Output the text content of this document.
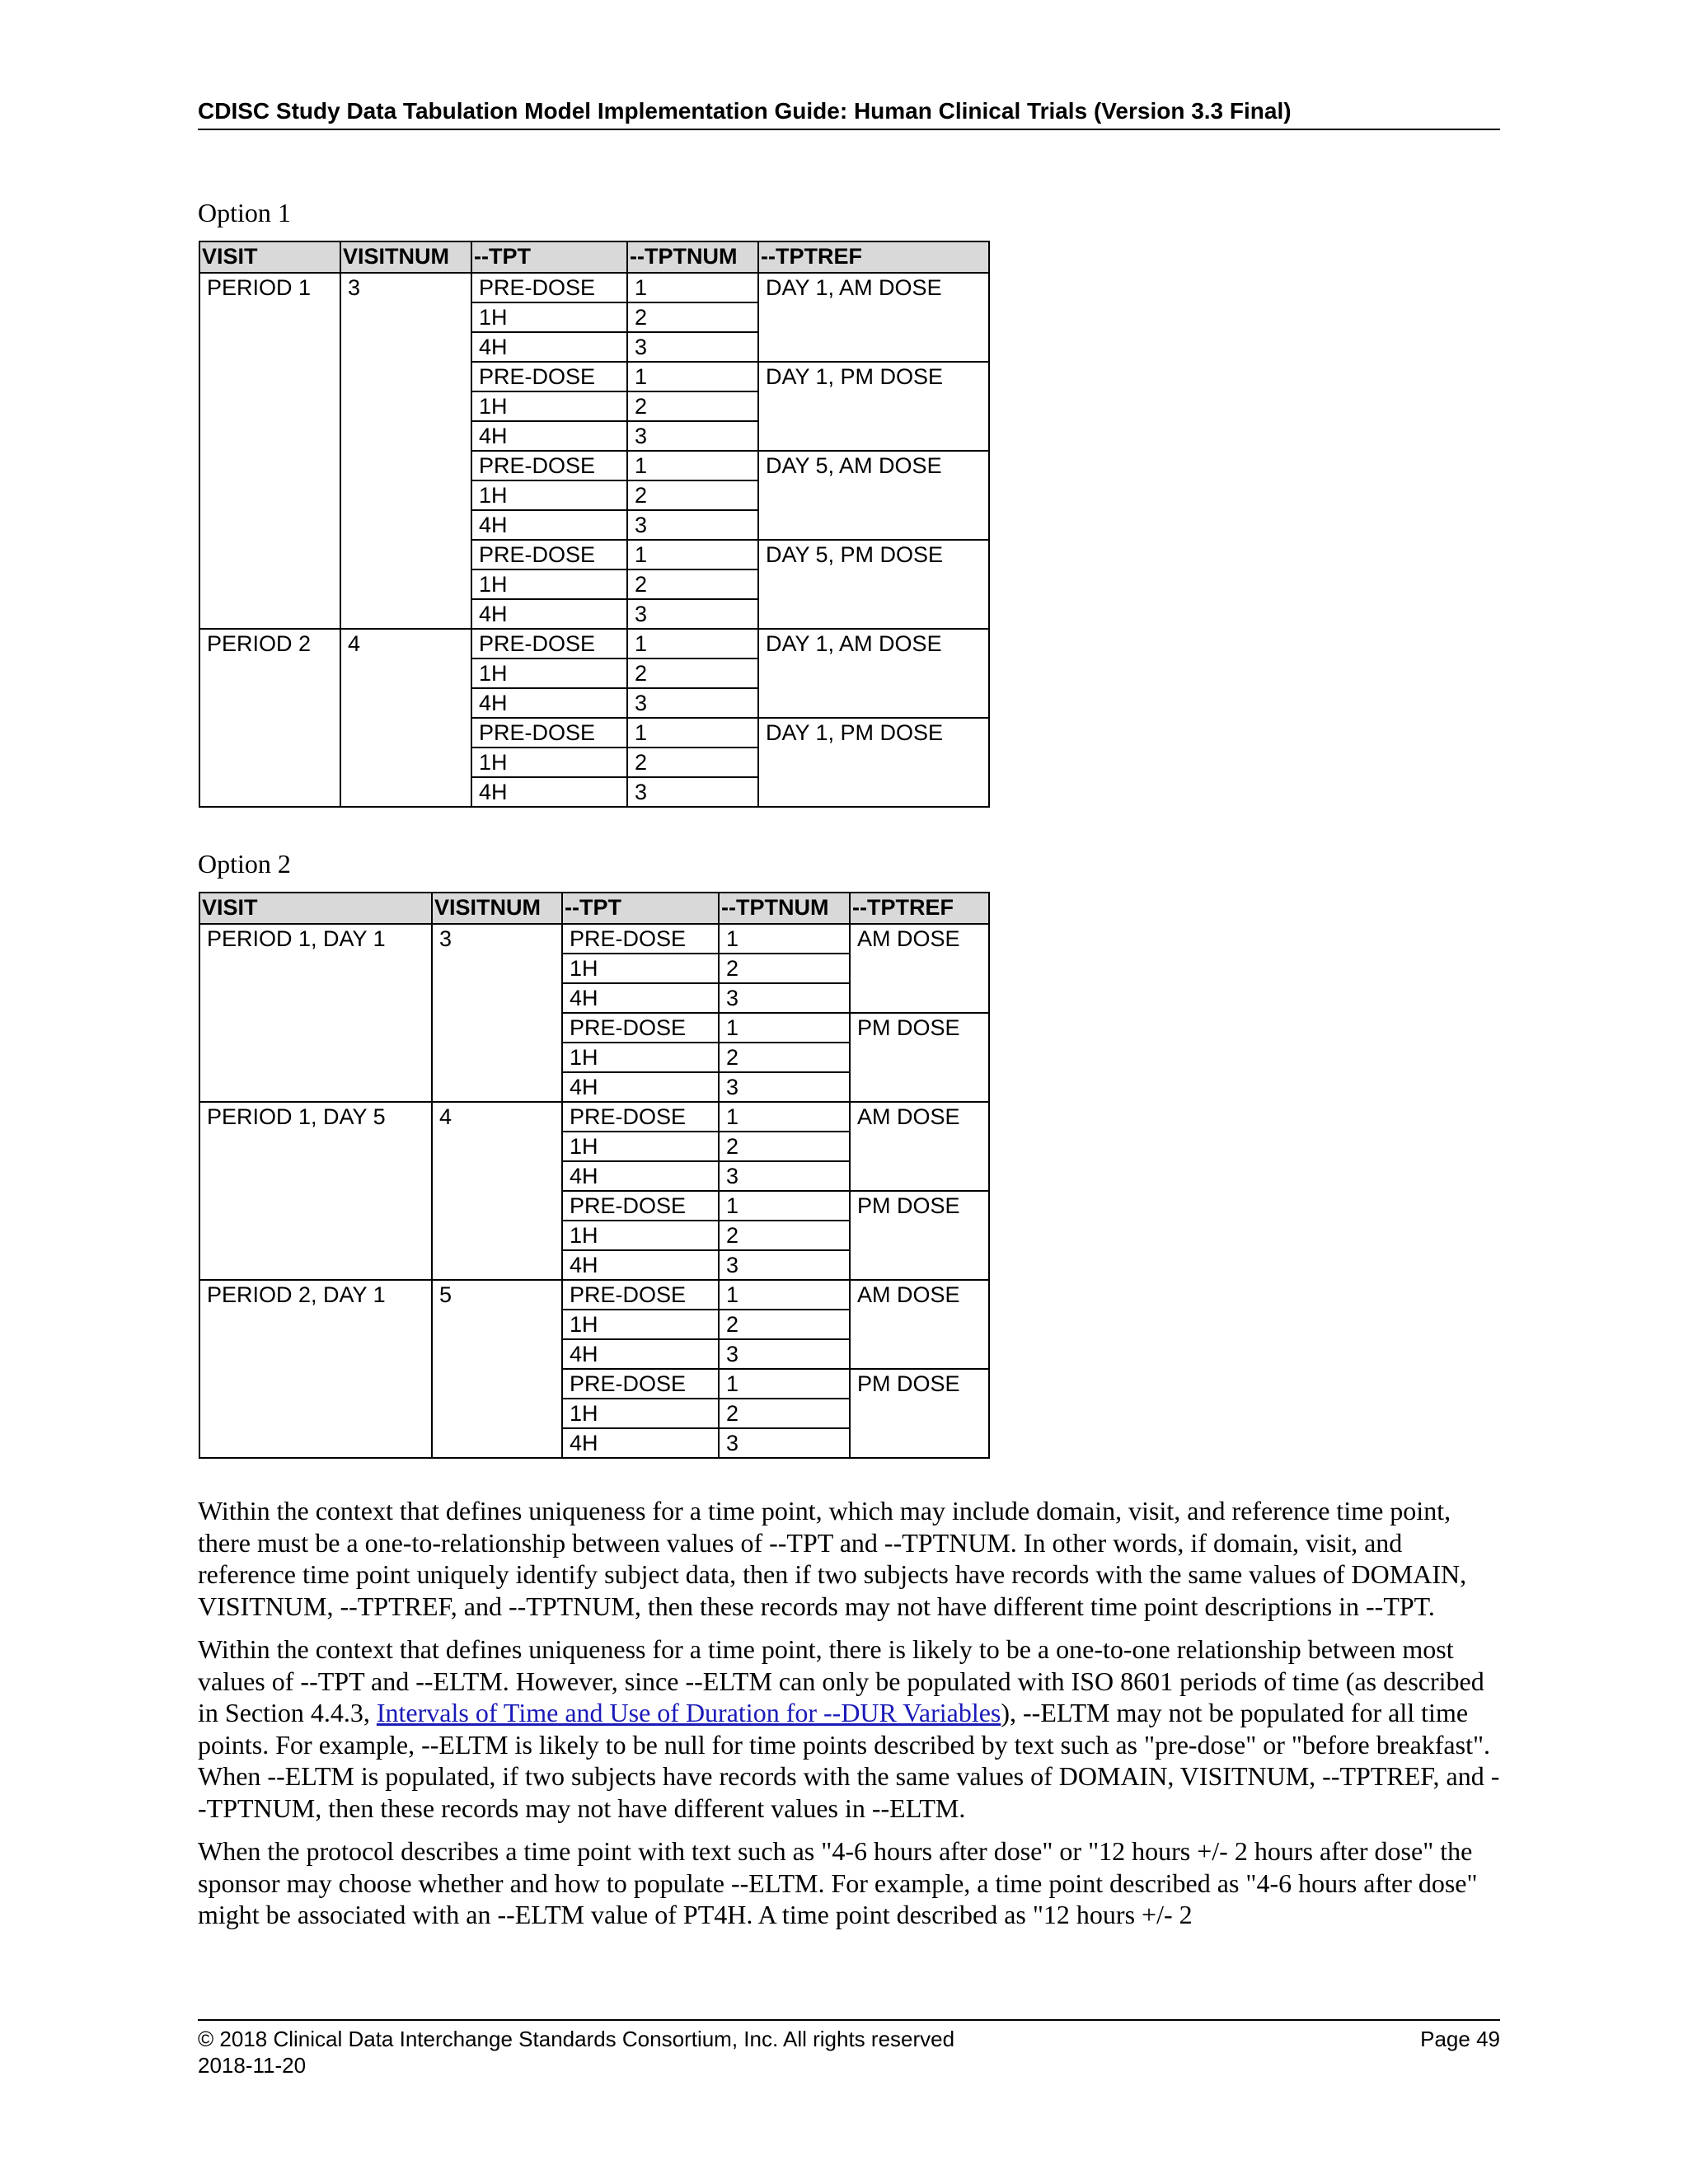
CDISC Study Data Tabulation Model Implementation Guide: Human Clinical Trials (Version 3.3 Final)
Option 1
VISIT	VISITNUM	--TPT	--TPTNUM	--TPTREF
PERIOD 1	3	PRE-DOSE	1	DAY 1, AM DOSE
		1H	2	
		4H	3	
		PRE-DOSE	1	DAY 1, PM DOSE
		1H	2	
		4H	3	
		PRE-DOSE	1	DAY 5, AM DOSE
		1H	2	
		4H	3	
		PRE-DOSE	1	DAY 5, PM DOSE
		1H	2	
		4H	3	
PERIOD 2	4	PRE-DOSE	1	DAY 1, AM DOSE
		1H	2	
		4H	3	
		PRE-DOSE	1	DAY 1, PM DOSE
		1H	2	
		4H	3	
Option 2
VISIT	VISITNUM	--TPT	--TPTNUM	--TPTREF
PERIOD 1, DAY 1	3	PRE-DOSE	1	AM DOSE
		1H	2	
		4H	3	
		PRE-DOSE	1	PM DOSE
		1H	2	
		4H	3	
PERIOD 1, DAY 5	4	PRE-DOSE	1	AM DOSE
		1H	2	
		4H	3	
		PRE-DOSE	1	PM DOSE
		1H	2	
		4H	3	
PERIOD 2, DAY 1	5	PRE-DOSE	1	AM DOSE
		1H	2	
		4H	3	
		PRE-DOSE	1	PM DOSE
		1H	2	
		4H	3	

Within the context that defines uniqueness for a time point, which may include domain, visit, and reference time point, there must be a one-to-relationship between values of --TPT and --TPTNUM. In other words, if domain, visit, and reference time point uniquely identify subject data, then if two subjects have records with the same values of DOMAIN, VISITNUM, --TPTREF, and --TPTNUM, then these records may not have different time point descriptions in --TPT.

Within the context that defines uniqueness for a time point, there is likely to be a one-to-one relationship between most values of --TPT and --ELTM. However, since --ELTM can only be populated with ISO 8601 periods of time (as described in Section 4.4.3, Intervals of Time and Use of Duration for --DUR Variables), --ELTM may not be populated for all time points. For example, --ELTM is likely to be null for time points described by text such as "pre-dose" or "before breakfast". When --ELTM is populated, if two subjects have records with the same values of DOMAIN, VISITNUM, --TPTREF, and --TPTNUM, then these records may not have different values in --ELTM.

When the protocol describes a time point with text such as "4-6 hours after dose" or "12 hours +/- 2 hours after dose" the sponsor may choose whether and how to populate --ELTM. For example, a time point described as "4-6 hours after dose" might be associated with an --ELTM value of PT4H. A time point described as "12 hours +/- 2

© 2018 Clinical Data Interchange Standards Consortium, Inc. All rights reserved	Page 49
2018-11-20
